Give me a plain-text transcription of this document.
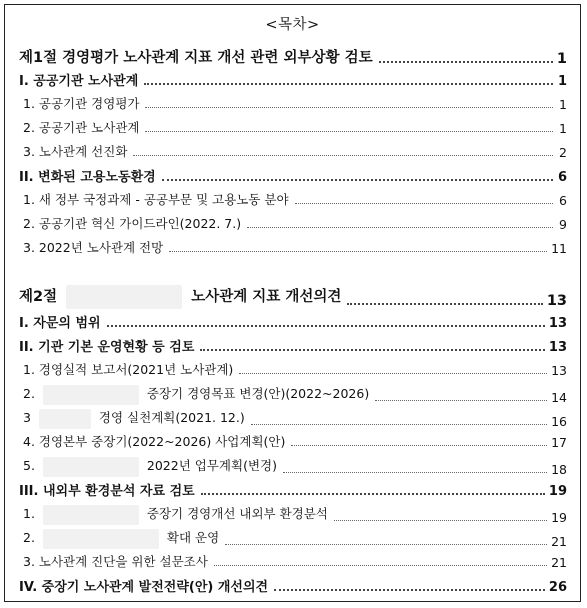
<목차>
제1절 경영평가 노사관계 지표 개선 관련 외부상황 검토	1
Ⅰ. 공공기관 노사관계	1
1. 공공기관 경영평가	1
2. 공공기관 노사관계	1
3. 노사관계 선진화	2
II. 변화된 고용노동환경	6
1. 새 정부 국정과제 - 공공부문 및 고용노동 분야	6
2. 공공기관 혁신 가이드라인(2022. 7.)	9
3. 2022년 노사관계 전망	11
제2절	노사관계 지표 개선의견	13
I. 자문의 범위	13
II. 기관 기본 운영현황 등 검토	13
1. 경영실적 보고서(2021년 노사관계)	13
2.	중장기 경영목표 변경(안)(2022~2026)	14
3	경영 실천계획(2021. 12.)	16
4. 경영본부 중장기(2022~2026) 사업계획(안)	17
5.	2022년 업무계획(변경)	18
III. 내외부 환경분석 자료 검토	19
1.	중장기 경영개선 내외부 환경분석	19
2.	확대 운영	21
3. 노사관계 진단을 위한 설문조사	21
IV. 중장기 노사관계 발전전략(안) 개선의견	26
